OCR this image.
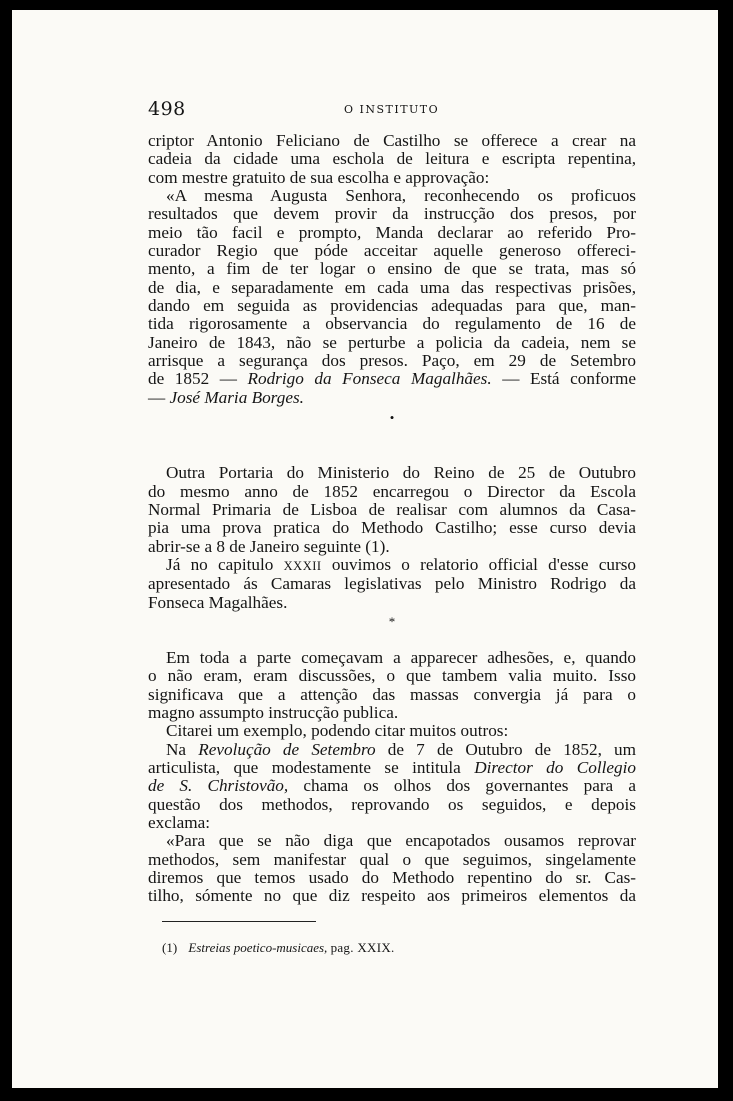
498	O INSTITUTO

criptor Antonio Feliciano de Castilho se offerece a crear na

cadeia da cidade uma eschola de leitura e escripta repentina,

com mestre gratuito de sua escolha e approvação:

«A mesma Augusta Senhora, reconhecendo os proficuos

resultados que devem provir da instrucção dos presos, por

meio tão facil e prompto, Manda declarar ao referido Pro-

curador Regio que póde acceitar aquelle generoso offereci-

mento, a fim de ter logar o ensino de que se trata, mas só

de dia, e separadamente em cada uma das respectivas prisões,

dando em seguida as providencias adequadas para que, man-

tida rigorosamente a observancia do regulamento de 16 de

Janeiro de 1843, não se perturbe a policia da cadeia, nem se

arrisque a segurança dos presos. Paço, em 29 de Setembro

de 1852 — Rodrigo da Fonseca Magalhães. — Está conforme

— José Maria Borges.

•

Outra Portaria do Ministerio do Reino de 25 de Outubro

do mesmo anno de 1852 encarregou o Director da Escola

Normal Primaria de Lisboa de realisar com alumnos da Casa-

pia uma prova pratica do Methodo Castilho; esse curso devia

abrir-se a 8 de Janeiro seguinte (1).

Já no capitulo XXXII ouvimos o relatorio official d'esse curso

apresentado ás Camaras legislativas pelo Ministro Rodrigo da

Fonseca Magalhães.

*

Em toda a parte começavam a apparecer adhesões, e, quando

o não eram, eram discussões, o que tambem valia muito. Isso

significava que a attenção das massas convergia já para o

magno assumpto instrucção publica.

Citarei um exemplo, podendo citar muitos outros:

Na Revolução de Setembro de 7 de Outubro de 1852, um

articulista, que modestamente se intitula Director do Collegio

de S. Christovão, chama os olhos dos governantes para a

questão dos methodos, reprovando os seguidos, e depois

exclama:

«Para que se não diga que encapotados ousamos reprovar

methodos, sem manifestar qual o que seguimos, singelamente

diremos que temos usado do Methodo repentino do sr. Cas-

tilho, sómente no que diz respeito aos primeiros elementos da

(1) Estreias poetico-musicaes, pag. XXIX.
